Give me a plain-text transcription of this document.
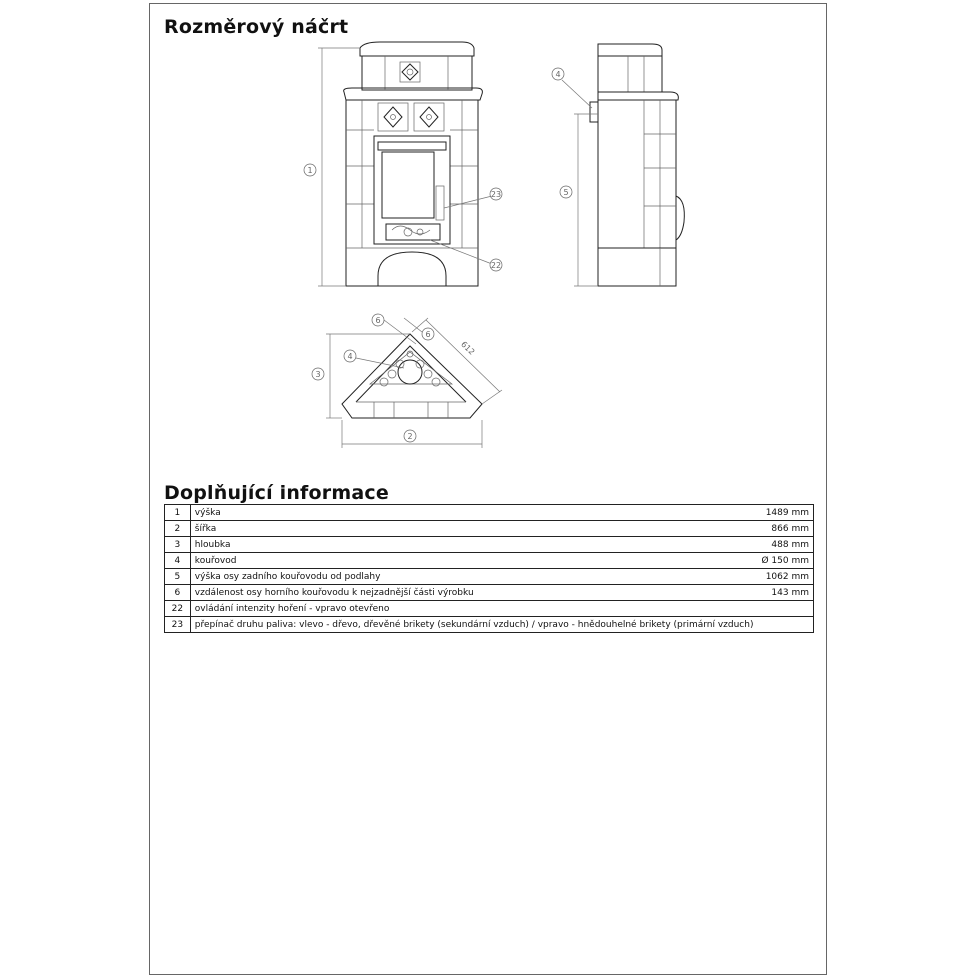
Rozměrový náčrt
1
23
22
4
5
6
6
4
3
2
612
Doplňující informace
1	výška	1489 mm
2	šířka	866 mm
3	hloubka	488 mm
4	kouřovod	Ø 150 mm
5	výška osy zadního kouřovodu od podlahy	1062 mm
6	vzdálenost osy horního kouřovodu k nejzadnější části výrobku	143 mm
22	ovládání intenzity hoření - vpravo otevřeno	
23	přepínač druhu paliva: vlevo - dřevo, dřevěné brikety (sekundární vzduch) / vpravo - hnědouhelné brikety (primární vzduch)	
